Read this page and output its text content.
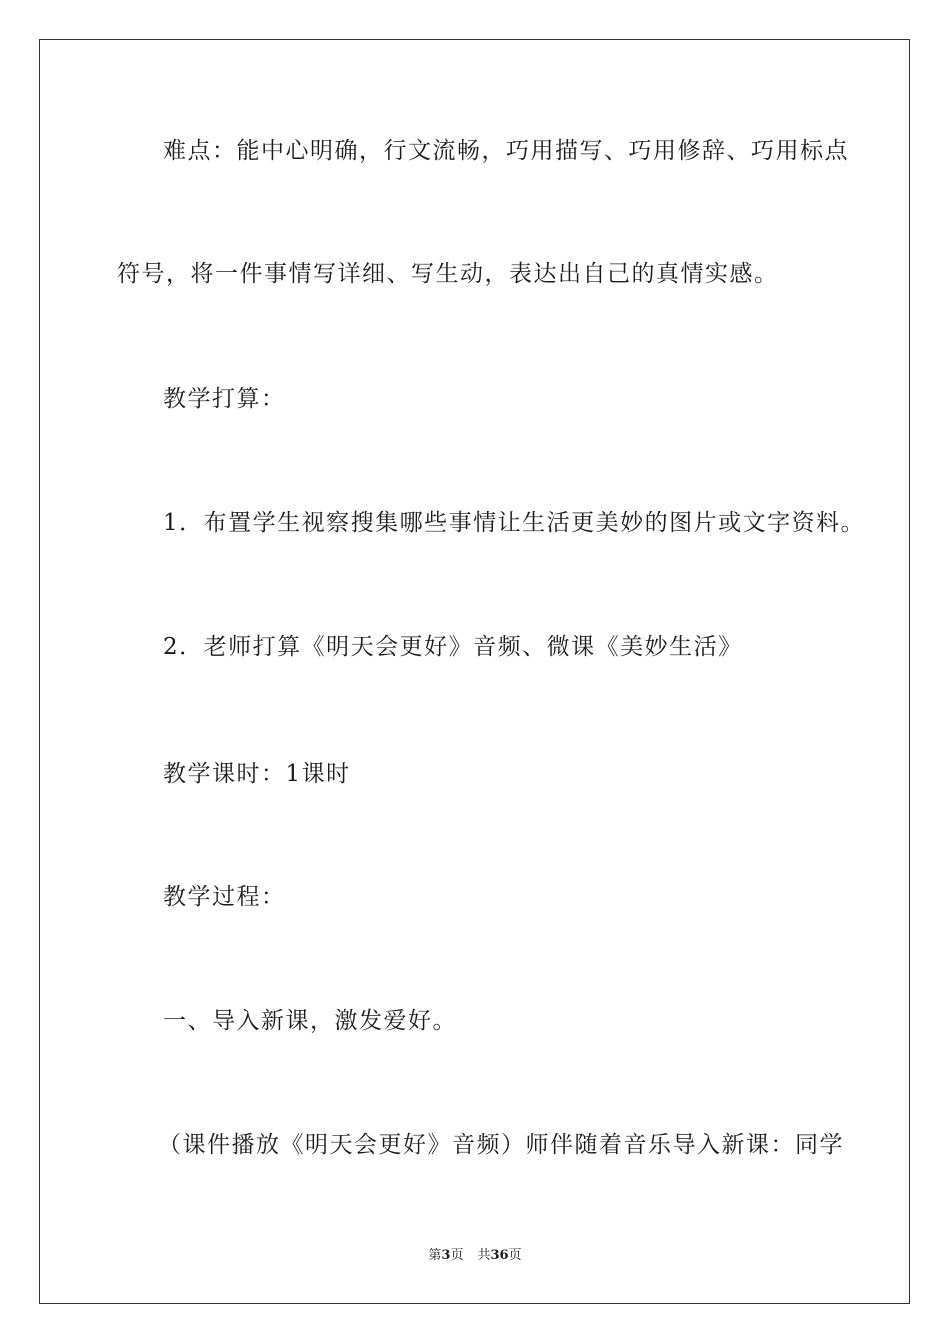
难点：能中心明确，行文流畅，巧用描写、巧用修辞、巧用标点
符号，将一件事情写详细、写生动，表达出自己的真情实感。
教学打算：
1．布置学生视察搜集哪些事情让生活更美妙的图片或文字资料。
2．老师打算《明天会更好》音频、微课《美妙生活》
教学课时：1课时
教学过程：
一、导入新课，激发爱好。
（课件播放《明天会更好》音频）师伴随着音乐导入新课：同学
第3页 共36页
